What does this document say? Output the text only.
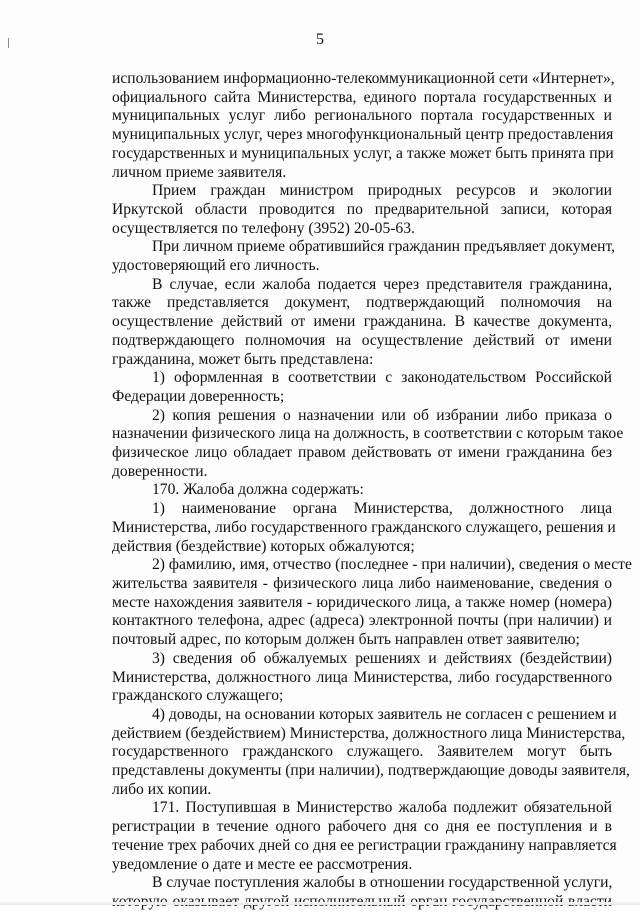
5
использованием информационно-телекоммуникационной сети «Интернет»,
официального сайта Министерства, единого портала государственных и
муниципальных услуг либо регионального портала государственных и
муниципальных услуг, через многофункциональный центр предоставления
государственных и муниципальных услуг, а также может быть принята при
личном приеме заявителя.
Прием граждан министром природных ресурсов и экологии
Иркутской области проводится по предварительной записи, которая
осуществляется по телефону (3952) 20-05-63.
При личном приеме обратившийся гражданин предъявляет документ,
удостоверяющий его личность.
В случае, если жалоба подается через представителя гражданина,
также представляется документ, подтверждающий полномочия на
осуществление действий от имени гражданина. В качестве документа,
подтверждающего полномочия на осуществление действий от имени
гражданина, может быть представлена:
1) оформленная в соответствии с законодательством Российской
Федерации доверенность;
2) копия решения о назначении или об избрании либо приказа о
назначении физического лица на должность, в соответствии с которым такое
физическое лицо обладает правом действовать от имени гражданина без
доверенности.
170. Жалоба должна содержать:
1) наименование органа Министерства, должностного лица
Министерства, либо государственного гражданского служащего, решения и
действия (бездействие) которых обжалуются;
2) фамилию, имя, отчество (последнее - при наличии), сведения о месте
жительства заявителя - физического лица либо наименование, сведения о
месте нахождения заявителя - юридического лица, а также номер (номера)
контактного телефона, адрес (адреса) электронной почты (при наличии) и
почтовый адрес, по которым должен быть направлен ответ заявителю;
3) сведения об обжалуемых решениях и действиях (бездействии)
Министерства, должностного лица Министерства, либо государственного
гражданского служащего;
4) доводы, на основании которых заявитель не согласен с решением и
действием (бездействием) Министерства, должностного лица Министерства,
государственного гражданского служащего. Заявителем могут быть
представлены документы (при наличии), подтверждающие доводы заявителя,
либо их копии.
171. Поступившая в Министерство жалоба подлежит обязательной
регистрации в течение одного рабочего дня со дня ее поступления и в
течение трех рабочих дней со дня ее регистрации гражданину направляется
уведомление о дате и месте ее рассмотрения.
В случае поступления жалобы в отношении государственной услуги,
